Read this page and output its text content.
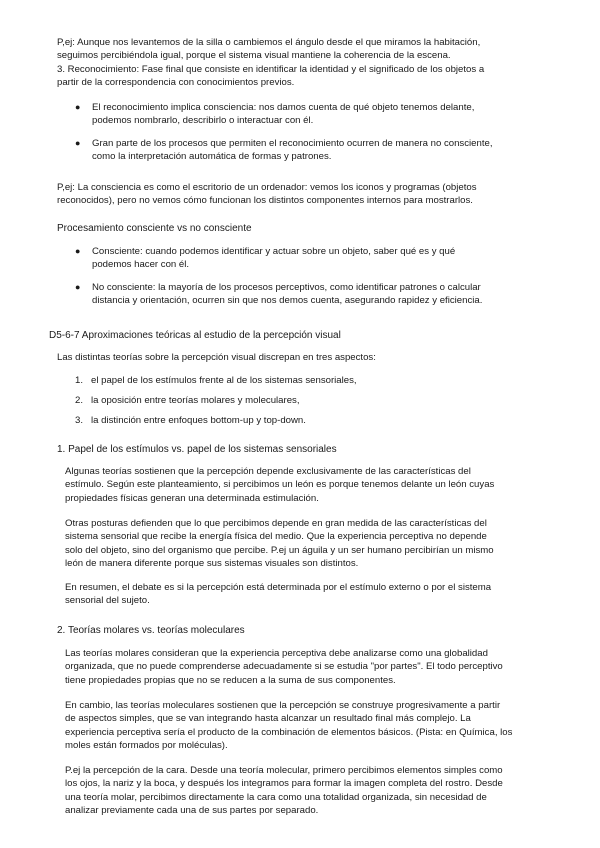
P,ej: Aunque nos levantemos de la silla o cambiemos el ángulo desde el que miramos la habitación,
seguimos percibiéndola igual, porque el sistema visual mantiene la coherencia de la escena.

3. Reconocimiento: Fase final que consiste en identificar la identidad y el significado de los objetos a
partir de la correspondencia con conocimientos previos.

● El reconocimiento implica consciencia: nos damos cuenta de qué objeto tenemos delante,
podemos nombrarlo, describirlo o interactuar con él.

● Gran parte de los procesos que permiten el reconocimiento ocurren de manera no consciente,
como la interpretación automática de formas y patrones.

P,ej: La consciencia es como el escritorio de un ordenador: vemos los iconos y programas (objetos
reconocidos), pero no vemos cómo funcionan los distintos componentes internos para mostrarlos.

Procesamiento consciente vs no consciente

● Consciente: cuando podemos identificar y actuar sobre un objeto, saber qué es y qué
podemos hacer con él.

● No consciente: la mayoría de los procesos perceptivos, como identificar patrones o calcular
distancia y orientación, ocurren sin que nos demos cuenta, asegurando rapidez y eficiencia.

D5-6-7 Aproximaciones teóricas al estudio de la percepción visual

Las distintas teorías sobre la percepción visual discrepan en tres aspectos:

1. el papel de los estímulos frente al de los sistemas sensoriales,
2. la oposición entre teorías molares y moleculares,
3. la distinción entre enfoques bottom-up y top-down.

1. Papel de los estímulos vs. papel de los sistemas sensoriales

Algunas teorías sostienen que la percepción depende exclusivamente de las características del
estímulo. Según este planteamiento, si percibimos un león es porque tenemos delante un león cuyas
propiedades físicas generan una determinada estimulación.

Otras posturas defienden que lo que percibimos depende en gran medida de las características del
sistema sensorial que recibe la energía física del medio. Que la experiencia perceptiva no depende
solo del objeto, sino del organismo que percibe. P.ej un águila y un ser humano percibirían un mismo
león de manera diferente porque sus sistemas visuales son distintos.

En resumen, el debate es si la percepción está determinada por el estímulo externo o por el sistema
sensorial del sujeto.

2. Teorías molares vs. teorías moleculares

Las teorías molares consideran que la experiencia perceptiva debe analizarse como una globalidad
organizada, que no puede comprenderse adecuadamente si se estudia "por partes". El todo perceptivo
tiene propiedades propias que no se reducen a la suma de sus componentes.

En cambio, las teorías moleculares sostienen que la percepción se construye progresivamente a partir
de aspectos simples, que se van integrando hasta alcanzar un resultado final más complejo. La
experiencia perceptiva sería el producto de la combinación de elementos básicos. (Pista: en Química, los
moles están formados por moléculas).

P.ej la percepción de la cara. Desde una teoría molecular, primero percibimos elementos simples como
los ojos, la nariz y la boca, y después los integramos para formar la imagen completa del rostro. Desde
una teoría molar, percibimos directamente la cara como una totalidad organizada, sin necesidad de
analizar previamente cada una de sus partes por separado.
